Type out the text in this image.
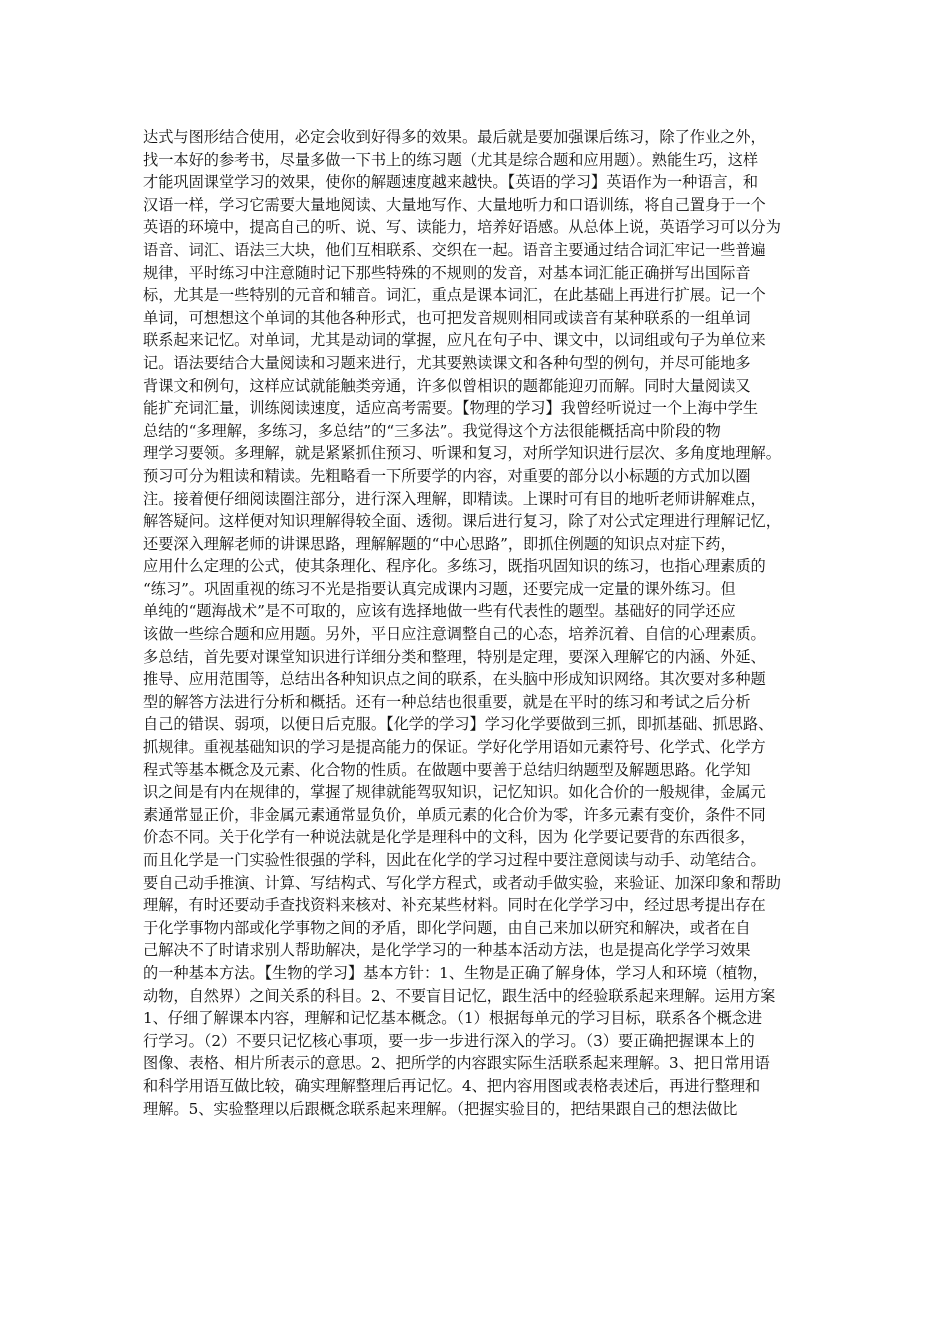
达式与图形结合使用，必定会收到好得多的效果。最后就是要加强课后练习，除了作业之外，
找一本好的参考书，尽量多做一下书上的练习题（尤其是综合题和应用题）。熟能生巧，这样
才能巩固课堂学习的效果，使你的解题速度越来越快。【英语的学习】英语作为一种语言，和
汉语一样，学习它需要大量地阅读、大量地写作、大量地听力和口语训练，将自己置身于一个
英语的环境中，提高自己的听、说、写、读能力，培养好语感。从总体上说，英语学习可以分为
语音、词汇、语法三大块，他们互相联系、交织在一起。语音主要通过结合词汇牢记一些普遍
规律，平时练习中注意随时记下那些特殊的不规则的发音，对基本词汇能正确拼写出国际音
标，尤其是一些特别的元音和辅音。词汇，重点是课本词汇，在此基础上再进行扩展。记一个
单词，可想想这个单词的其他各种形式，也可把发音规则相同或读音有某种联系的一组单词
联系起来记忆。对单词，尤其是动词的掌握，应凡在句子中、课文中，以词组或句子为单位来
记。语法要结合大量阅读和习题来进行，尤其要熟读课文和各种句型的例句，并尽可能地多
背课文和例句，这样应试就能触类旁通，许多似曾相识的题都能迎刃而解。同时大量阅读又
能扩充词汇量，训练阅读速度，适应高考需要。【物理的学习】我曾经听说过一个上海中学生
总结的“多理解，多练习，多总结”的“三多法”。我觉得这个方法很能概括高中阶段的物
理学习要领。多理解，就是紧紧抓住预习、听课和复习，对所学知识进行层次、多角度地理解。
预习可分为粗读和精读。先粗略看一下所要学的内容，对重要的部分以小标题的方式加以圈
注。接着便仔细阅读圈注部分，进行深入理解，即精读。上课时可有目的地听老师讲解难点，
解答疑问。这样便对知识理解得较全面、透彻。课后进行复习，除了对公式定理进行理解记忆，
还要深入理解老师的讲课思路，理解解题的“中心思路”，即抓住例题的知识点对症下药，
应用什么定理的公式，使其条理化、程序化。多练习，既指巩固知识的练习，也指心理素质的
“练习”。巩固重视的练习不光是指要认真完成课内习题，还要完成一定量的课外练习。但
单纯的“题海战术”是不可取的，应该有选择地做一些有代表性的题型。基础好的同学还应
该做一些综合题和应用题。另外，平日应注意调整自己的心态，培养沉着、自信的心理素质。
多总结，首先要对课堂知识进行详细分类和整理，特别是定理，要深入理解它的内涵、外延、
推导、应用范围等，总结出各种知识点之间的联系，在头脑中形成知识网络。其次要对多种题
型的解答方法进行分析和概括。还有一种总结也很重要，就是在平时的练习和考试之后分析
自己的错误、弱项，以便日后克服。【化学的学习】学习化学要做到三抓，即抓基础、抓思路、
抓规律。重视基础知识的学习是提高能力的保证。学好化学用语如元素符号、化学式、化学方
程式等基本概念及元素、化合物的性质。在做题中要善于总结归纳题型及解题思路。化学知
识之间是有内在规律的，掌握了规律就能驾驭知识，记忆知识。如化合价的一般规律，金属元
素通常显正价，非金属元素通常显负价，单质元素的化合价为零，许多元素有变价，条件不同
价态不同。关于化学有一种说法就是化学是理科中的文科，因为 化学要记要背的东西很多，
而且化学是一门实验性很强的学科，因此在化学的学习过程中要注意阅读与动手、动笔结合。
要自己动手推演、计算、写结构式、写化学方程式，或者动手做实验，来验证、加深印象和帮助
理解，有时还要动手查找资料来核对、补充某些材料。同时在化学学习中，经过思考提出存在
于化学事物内部或化学事物之间的矛盾，即化学问题，由自己来加以研究和解决，或者在自
己解决不了时请求别人帮助解决，是化学学习的一种基本活动方法，也是提高化学学习效果
的一种基本方法。【生物的学习】基本方针：1、生物是正确了解身体，学习人和环境（植物，
动物，自然界）之间关系的科目。2、不要盲目记忆，跟生活中的经验联系起来理解。运用方案
1、仔细了解课本内容，理解和记忆基本概念。（1）根据每单元的学习目标，联系各个概念进
行学习。（2）不要只记忆核心事项，要一步一步进行深入的学习。（3）要正确把握课本上的
图像、表格、相片所表示的意思。2、把所学的内容跟实际生活联系起来理解。3、把日常用语
和科学用语互做比较，确实理解整理后再记忆。4、把内容用图或表格表述后，再进行整理和
理解。5、实验整理以后跟概念联系起来理解。（把握实验目的，把结果跟自己的想法做比
